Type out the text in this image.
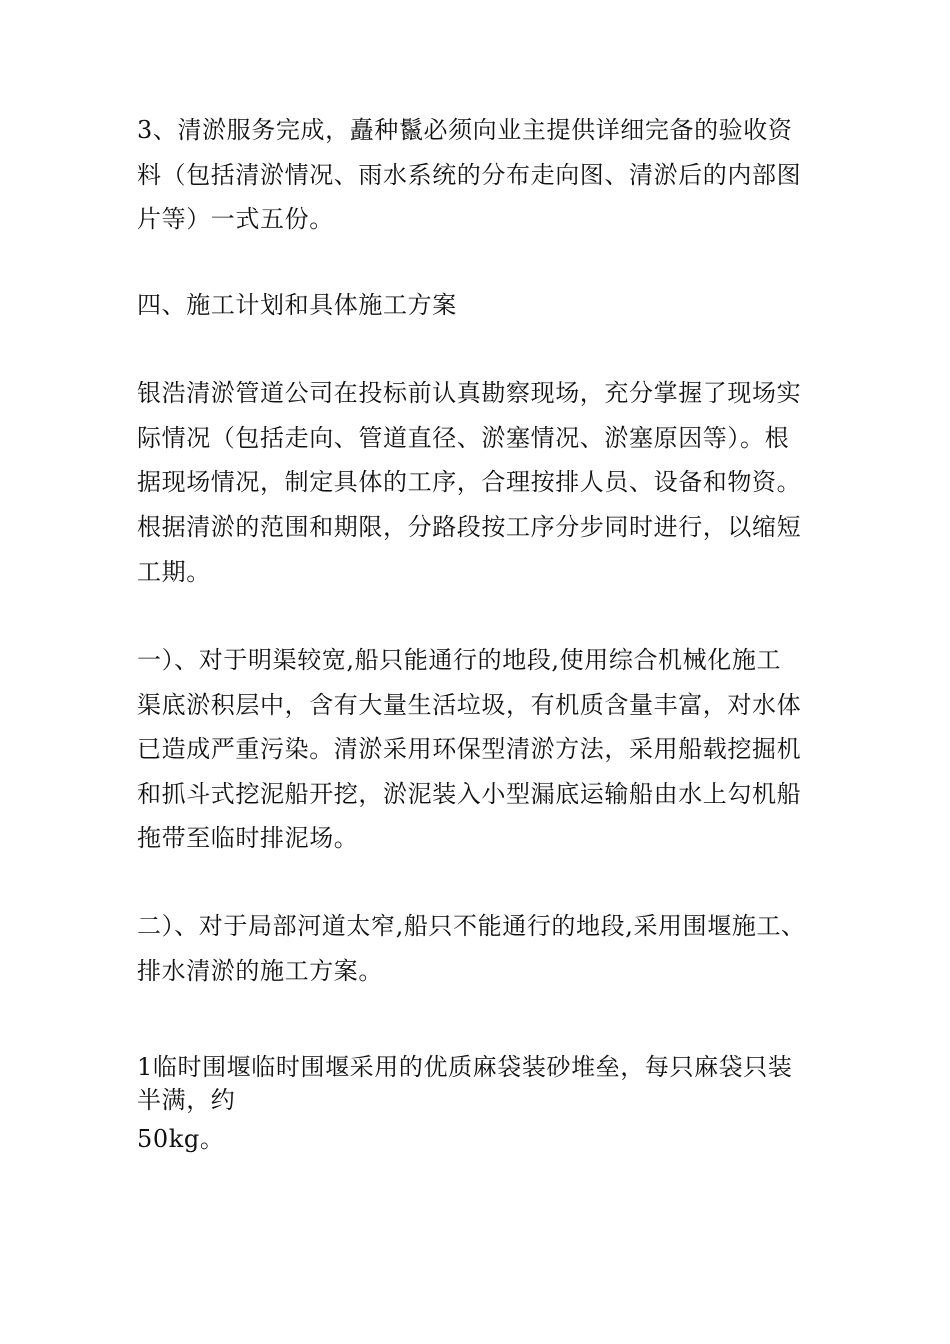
3、清淤服务完成，矗种鬣必须向业主提供详细完备的验收资
料（包括清淤情况、雨水系统的分布走向图、清淤后的内部图
片等）一式五份。
四、施工计划和具体施工方案
银浩清淤管道公司在投标前认真勘察现场，充分掌握了现场实
际情况（包括走向、管道直径、淤塞情况、淤塞原因等）。根
据现场情况，制定具体的工序，合理按排人员、设备和物资。
根据清淤的范围和期限，分路段按工序分步同时进行，以缩短
工期。
一）、对于明渠较宽,船只能通行的地段,使用综合机械化施工
渠底淤积层中，含有大量生活垃圾，有机质含量丰富，对水体
已造成严重污染。清淤采用环保型清淤方法，采用船载挖掘机
和抓斗式挖泥船开挖，淤泥装入小型漏底运输船由水上勾机船
拖带至临时排泥场。
二）、对于局部河道太窄,船只不能通行的地段,采用围堰施工、
排水清淤的施工方案。
1临时围堰临时围堰采用的优质麻袋装砂堆垒，每只麻袋只装
半满，约
50kg。
